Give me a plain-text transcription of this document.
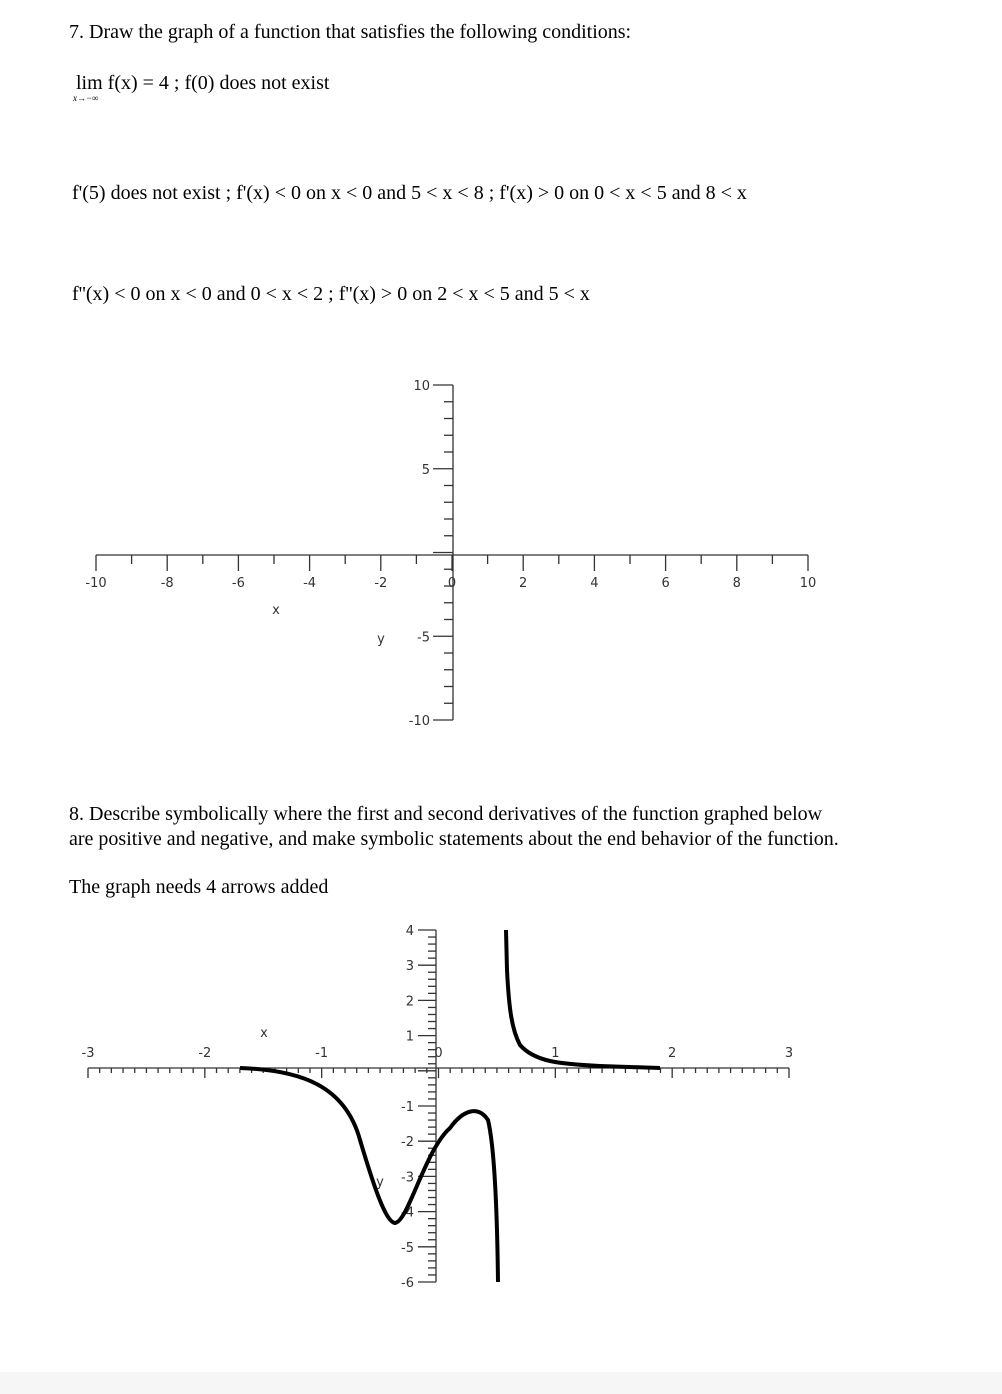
7. Draw the graph of a function that satisfies the following conditions:
lim f(x) = 4 ; f(0) does not exist
x→−∞
f'(5) does not exist ; f'(x) < 0 on x < 0 and 5 < x < 8 ; f'(x) > 0 on 0 < x < 5 and 8 < x
f''(x) < 0 on x < 0 and 0 < x < 2 ; f''(x) > 0 on 2 < x < 5 and 5 < x
-10	-8	-6	-4	-2	0	2	4	6	8	10
10
5
-5
-10
x
y
8. Describe symbolically where the first and second derivatives of the function graphed below
are positive and negative, and make symbolic statements about the end behavior of the function.
The graph needs 4 arrows added
-3	-2	-1	0	1	2	3
4
3
2
1
-1
-2
-3
-4
-5
-6
x
y
